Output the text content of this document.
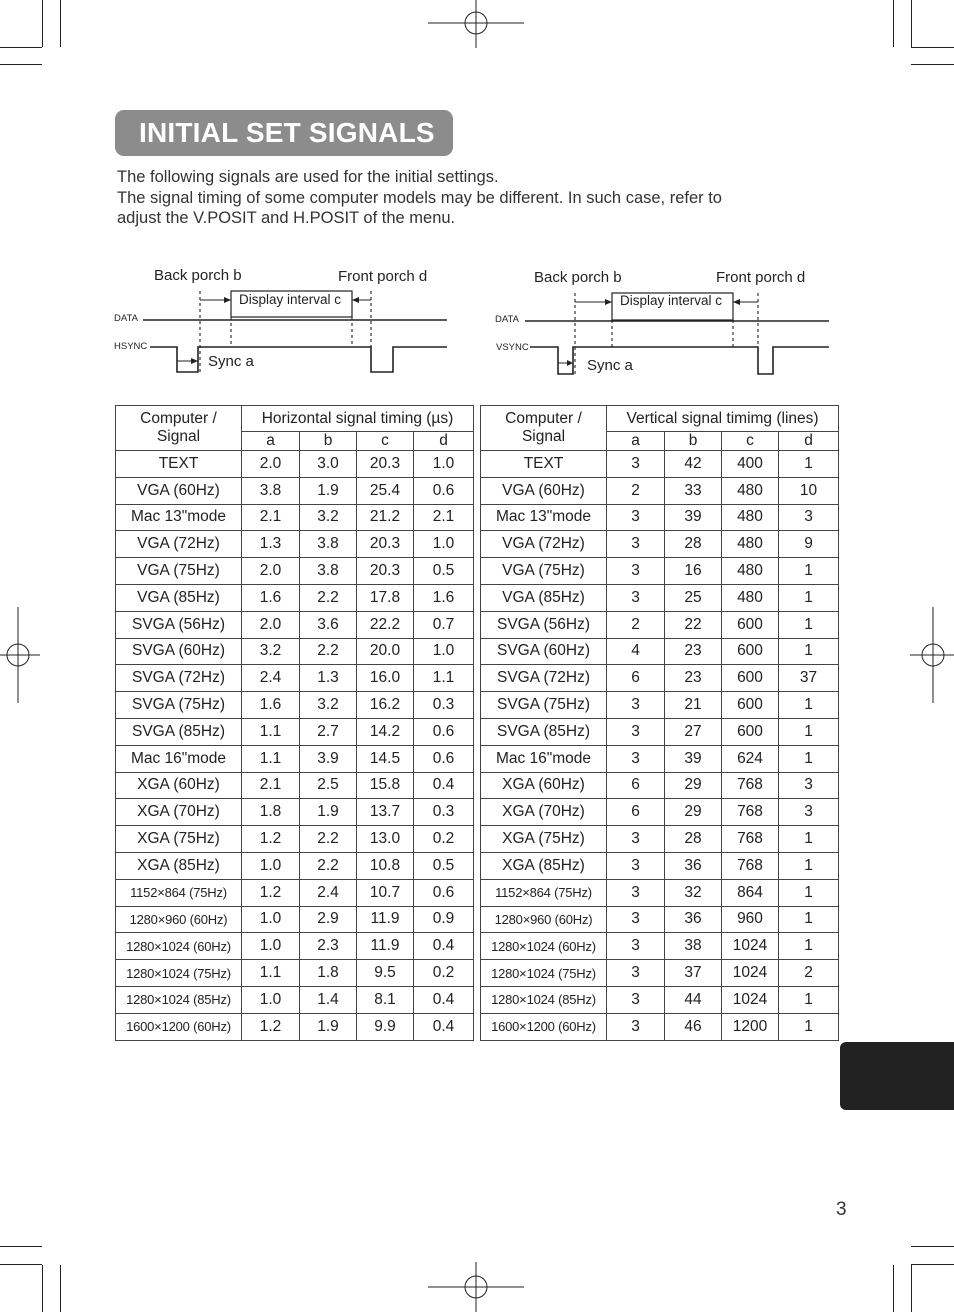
INITIAL SET SIGNALS
The following signals are used for the initial settings.
The signal timing of some computer models may be different. In such case, refer to
adjust the V.POSIT and H.POSIT of the menu.
Back porch b	Front porch d
Display interval c
DATA
HSYNC
Sync a
Back porch b	Front porch d
Display interval c
DATA
VSYNC
Sync a
Computer /
Signal	Horizontal signal timing (µs)			
	a	b	c	d
TEXT	2.0	3.0	20.3	1.0
VGA (60Hz)	3.8	1.9	25.4	0.6
Mac 13"mode	2.1	3.2	21.2	2.1
VGA (72Hz)	1.3	3.8	20.3	1.0
VGA (75Hz)	2.0	3.8	20.3	0.5
VGA (85Hz)	1.6	2.2	17.8	1.6
SVGA (56Hz)	2.0	3.6	22.2	0.7
SVGA (60Hz)	3.2	2.2	20.0	1.0
SVGA (72Hz)	2.4	1.3	16.0	1.1
SVGA (75Hz)	1.6	3.2	16.2	0.3
SVGA (85Hz)	1.1	2.7	14.2	0.6
Mac 16"mode	1.1	3.9	14.5	0.6
XGA (60Hz)	2.1	2.5	15.8	0.4
XGA (70Hz)	1.8	1.9	13.7	0.3
XGA (75Hz)	1.2	2.2	13.0	0.2
XGA (85Hz)	1.0	2.2	10.8	0.5
1152×864 (75Hz)	1.2	2.4	10.7	0.6
1280×960 (60Hz)	1.0	2.9	11.9	0.9
1280×1024 (60Hz)	1.0	2.3	11.9	0.4
1280×1024 (75Hz)	1.1	1.8	9.5	0.2
1280×1024 (85Hz)	1.0	1.4	8.1	0.4
1600×1200 (60Hz)	1.2	1.9	9.9	0.4
Computer /
Signal	Vertical signal timimg (lines)			
	a	b	c	d
TEXT	3	42	400	1
VGA (60Hz)	2	33	480	10
Mac 13"mode	3	39	480	3
VGA (72Hz)	3	28	480	9
VGA (75Hz)	3	16	480	1
VGA (85Hz)	3	25	480	1
SVGA (56Hz)	2	22	600	1
SVGA (60Hz)	4	23	600	1
SVGA (72Hz)	6	23	600	37
SVGA (75Hz)	3	21	600	1
SVGA (85Hz)	3	27	600	1
Mac 16"mode	3	39	624	1
XGA (60Hz)	6	29	768	3
XGA (70Hz)	6	29	768	3
XGA (75Hz)	3	28	768	1
XGA (85Hz)	3	36	768	1
1152×864 (75Hz)	3	32	864	1
1280×960 (60Hz)	3	36	960	1
1280×1024 (60Hz)	3	38	1024	1
1280×1024 (75Hz)	3	37	1024	2
1280×1024 (85Hz)	3	44	1024	1
1600×1200 (60Hz)	3	46	1200	1
3
